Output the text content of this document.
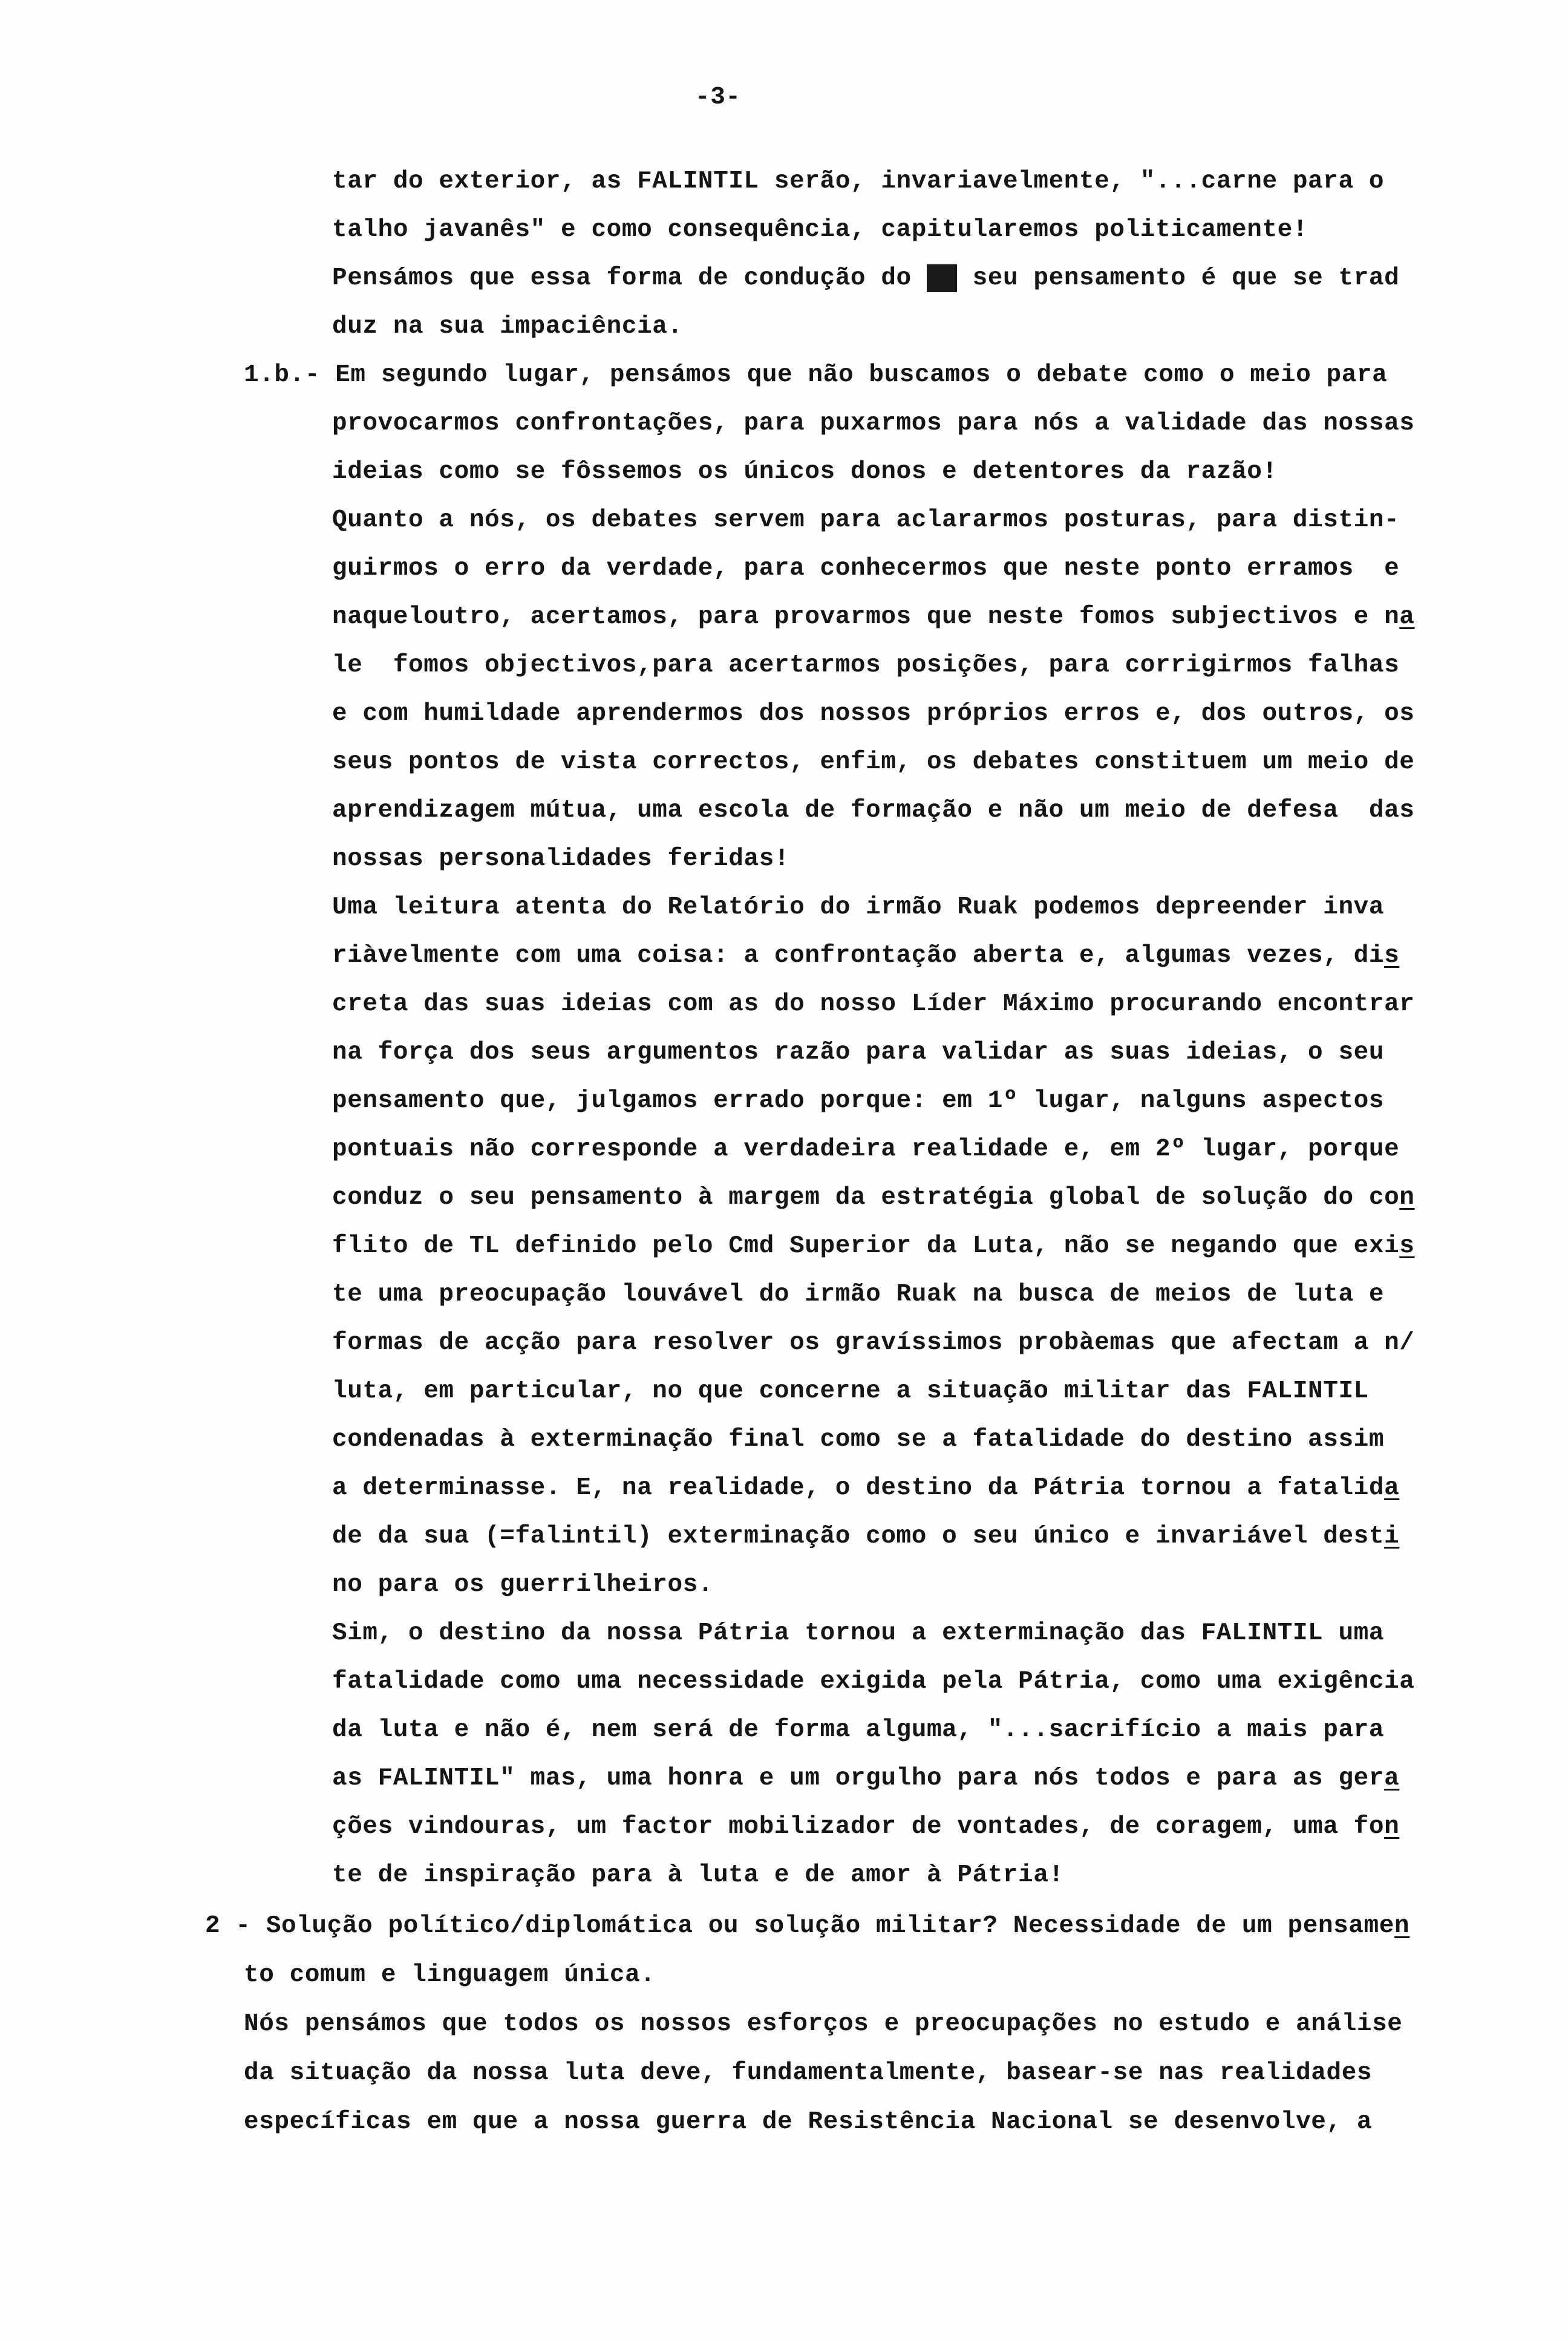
-3-
tar do exterior, as FALINTIL serão, invariavelmente, "...carne para o
talho javanês" e como consequência, capitularemos politicamente!
Pensámos que essa forma de condução do mm seu pensamento é que se trad
duz na sua impaciência.
1.b.- Em segundo lugar, pensámos que não buscamos o debate como o meio para
provocarmos confrontações, para puxarmos para nós a validade das nossas
ideias como se fôssemos os únicos donos e detentores da razão!
Quanto a nós, os debates servem para aclararmos posturas, para distin-
guirmos o erro da verdade, para conhecermos que neste ponto erramos  e
naqueloutro, acertamos, para provarmos que neste fomos subjectivos e na
le  fomos objectivos,para acertarmos posições, para corrigirmos falhas
e com humildade aprendermos dos nossos próprios erros e, dos outros, os
seus pontos de vista correctos, enfim, os debates constituem um meio de
aprendizagem mútua, uma escola de formação e não um meio de defesa  das
nossas personalidades feridas!
Uma leitura atenta do Relatório do irmão Ruak podemos depreender inva
riàvelmente com uma coisa: a confrontação aberta e, algumas vezes, dis
creta das suas ideias com as do nosso Líder Máximo procurando encontrar
na força dos seus argumentos razão para validar as suas ideias, o seu
pensamento que, julgamos errado porque: em 1º lugar, nalguns aspectos
pontuais não corresponde a verdadeira realidade e, em 2º lugar, porque
conduz o seu pensamento à margem da estratégia global de solução do con
flito de TL definido pelo Cmd Superior da Luta, não se negando que exis
te uma preocupação louvável do irmão Ruak na busca de meios de luta e
formas de acção para resolver os gravíssimos probàemas que afectam a n/
luta, em particular, no que concerne a situação militar das FALINTIL
condenadas à exterminação final como se a fatalidade do destino assim
a determinasse. E, na realidade, o destino da Pátria tornou a fatalida
de da sua (=falintil) exterminação como o seu único e invariável desti
no para os guerrilheiros.
Sim, o destino da nossa Pátria tornou a exterminação das FALINTIL uma
fatalidade como uma necessidade exigida pela Pátria, como uma exigência
da luta e não é, nem será de forma alguma, "...sacrifício a mais para
as FALINTIL" mas, uma honra e um orgulho para nós todos e para as gera
ções vindouras, um factor mobilizador de vontades, de coragem, uma fon
te de inspiração para à luta e de amor à Pátria!
2 - Solução político/diplomática ou solução militar? Necessidade de um pensamen
to comum e linguagem única.
Nós pensámos que todos os nossos esforços e preocupações no estudo e análise
da situação da nossa luta deve, fundamentalmente, basear-se nas realidades
específicas em que a nossa guerra de Resistência Nacional se desenvolve, a
